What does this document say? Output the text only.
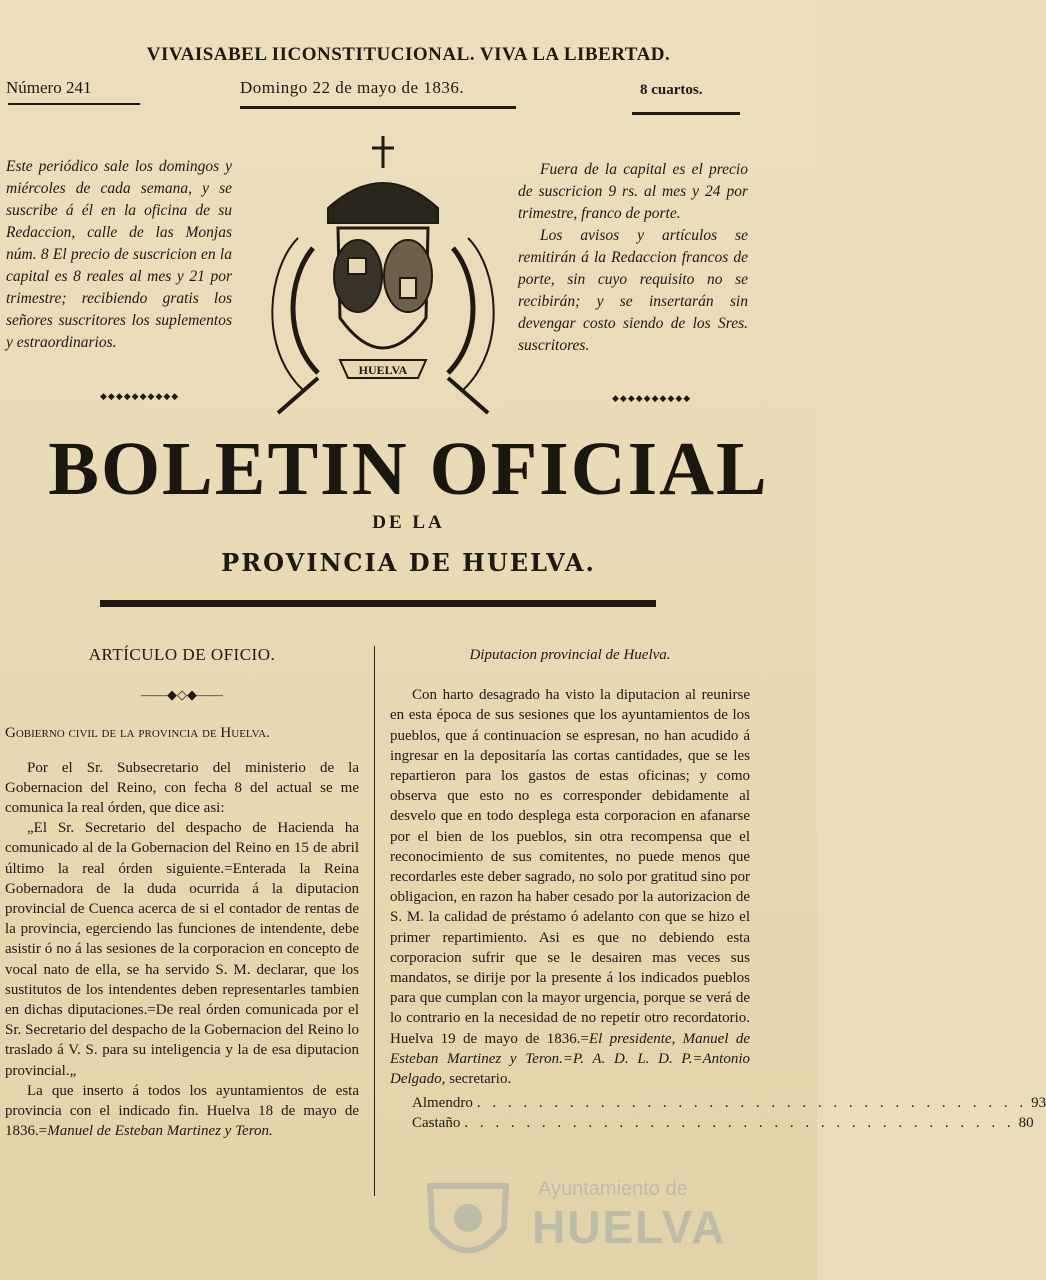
VIVAISABEL IICONSTITUCIONAL. VIVA LA LIBERTAD.
Número 241	Domingo 22 de mayo de 1836.	8 cuartos.
Este periódico sale los domingos y miércoles de cada semana, y se suscribe á él en la oficina de su Redaccion, calle de las Monjas núm. 8 El precio de suscricion en la capital es 8 reales al mes y 21 por trimestre; recibiendo gratis los señores suscritores los suplementos y estraordinarios.
◆◆◆◆◆◆◆◆◆◆
Fuera de la capital es el precio de suscricion 9 rs. al mes y 24 por trimestre, franco de porte.
Los avisos y artículos se remitirán á la Redaccion francos de porte, sin cuyo requisito no se recibirán; y se insertarán sin devengar costo siendo de los Sres. suscritores.
◆◆◆◆◆◆◆◆◆◆
HUELVA
BOLETIN OFICIAL
DE LA
PROVINCIA DE HUELVA.

ARTÍCULO DE OFICIO.

——◆◇◆——

Gobierno civil de la provincia de Huelva.

Por el Sr. Subsecretario del ministerio de la Gobernacion del Reino, con fecha 8 del actual se me comunica la real órden, que dice asi:

„El Sr. Secretario del despacho de Hacienda ha comunicado al de la Gobernacion del Reino en 15 de abril último la real órden siguiente.=Enterada la Reina Gobernadora de la duda ocurrida á la diputacion provincial de Cuenca acerca de si el contador de rentas de la provincia, egerciendo las funciones de intendente, debe asistir ó no á las sesiones de la corporacion en concepto de vocal nato de ella, se ha servido S. M. declarar, que los sustitutos de los intendentes deben representarles tambien en dichas diputaciones.=De real órden comunicada por el Sr. Secretario del despacho de la Gobernacion del Reino lo traslado á V. S. para su inteligencia y la de esa diputacion provincial.„

La que inserto á todos los ayuntamientos de esta provincia con el indicado fin. Huelva 18 de mayo de 1836.=Manuel de Esteban Martinez y Teron.

Diputacion provincial de Huelva.

Con harto desagrado ha visto la diputacion al reunirse en esta época de sus sesiones que los ayuntamientos de los pueblos, que á continuacion se espresan, no han acudido á ingresar en la depositaría las cortas cantidades, que se les repartieron para los gastos de estas oficinas; y como observa que esto no es corresponder debidamente al desvelo que en todo desplega esta corporacion en afanarse por el bien de los pueblos, sin otra recompensa que el reconocimiento de sus comitentes, no puede menos que recordarles este deber sagrado, no solo por gratitud sino por obligacion, en razon ha haber cesado por la autorizacion de S. M. la calidad de préstamo ó adelanto con que se hizo el primer repartimiento. Asi es que no debiendo esta corporacion sufrir que se le desairen mas veces sus mandatos, se dirije por la presente á los indicados pueblos para que cumplan con la mayor urgencia, porque se verá de lo contrario en la necesidad de no repetir otro recordatorio. Huelva 19 de mayo de 1836.=El presidente, Manuel de Esteban Martinez y Teron.=P. A. D. L. D. P.=Antonio Delgado, secretario.

Almendro . . . . . . . . . . . . . . . . . . . . . . . . . . . . . . . . . . . . 93

Castaño . . . . . . . . . . . . . . . . . . . . . . . . . . . . . . . . . . . . 80

Ayuntamiento de
HUELVA
